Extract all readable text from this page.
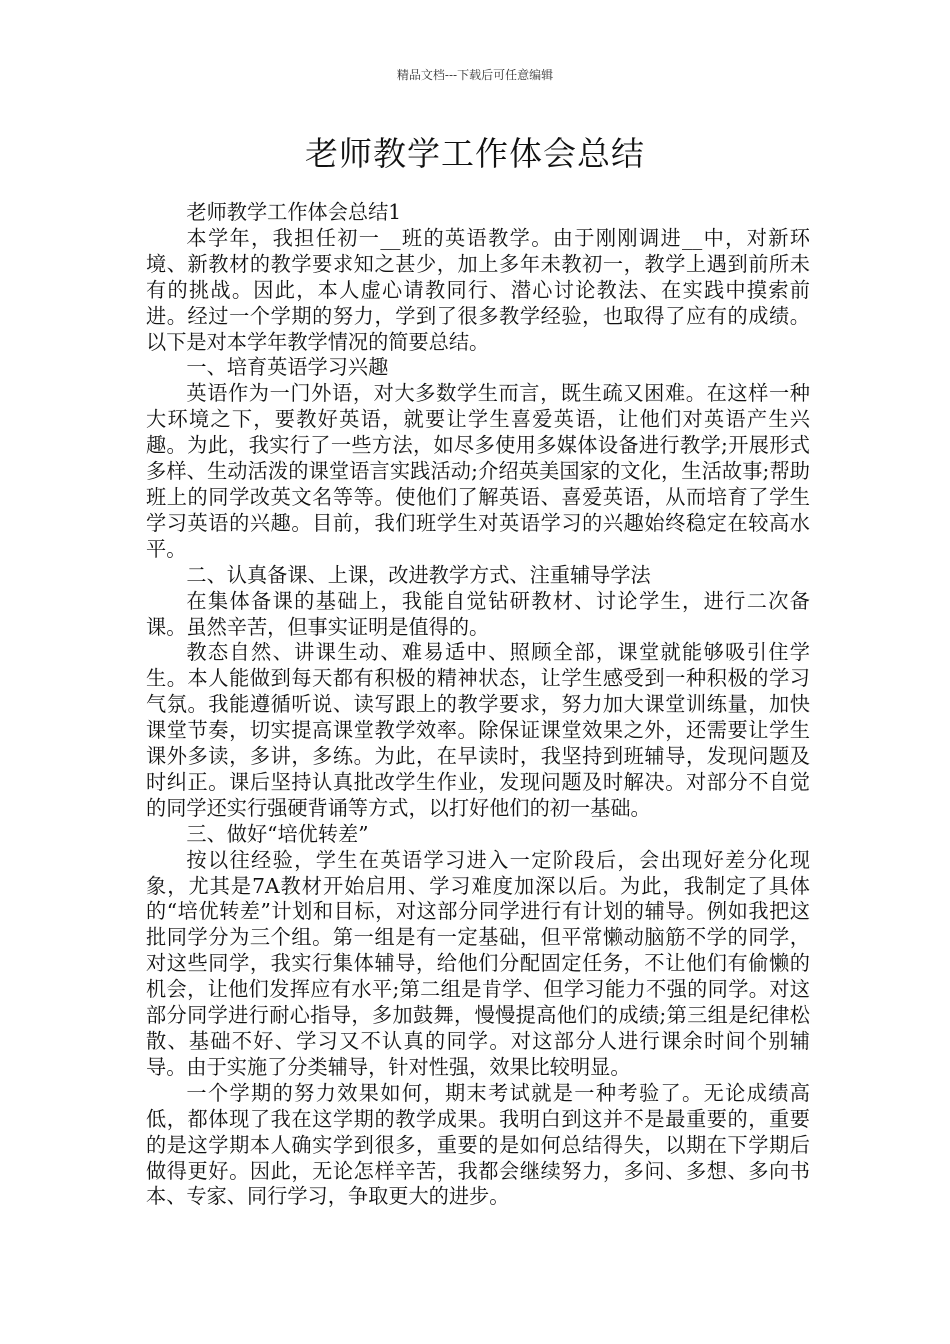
精品文档---下载后可任意编辑
老师教学工作体会总结

老师教学工作体会总结1

本学年，我担任初一__班的英语教学。由于刚刚调进__中，对新环境、新教材的教学要求知之甚少，加上多年未教初一，教学上遇到前所未有的挑战。因此，本人虚心请教同行、潜心讨论教法、在实践中摸索前进。经过一个学期的努力，学到了很多教学经验，也取得了应有的成绩。以下是对本学年教学情况的简要总结。

一、培育英语学习兴趣

英语作为一门外语，对大多数学生而言，既生疏又困难。在这样一种大环境之下，要教好英语，就要让学生喜爱英语，让他们对英语产生兴趣。为此，我实行了一些方法，如尽多使用多媒体设备进行教学;开展形式多样、生动活泼的课堂语言实践活动;介绍英美国家的文化，生活故事;帮助班上的同学改英文名等等。使他们了解英语、喜爱英语，从而培育了学生学习英语的兴趣。目前，我们班学生对英语学习的兴趣始终稳定在较高水平。

二、认真备课、上课，改进教学方式、注重辅导学法

在集体备课的基础上，我能自觉钻研教材、讨论学生，进行二次备课。虽然辛苦，但事实证明是值得的。

教态自然、讲课生动、难易适中、照顾全部，课堂就能够吸引住学生。本人能做到每天都有积极的精神状态，让学生感受到一种积极的学习气氛。我能遵循听说、读写跟上的教学要求，努力加大课堂训练量，加快课堂节奏，切实提高课堂教学效率。除保证课堂效果之外，还需要让学生课外多读，多讲，多练。为此，在早读时，我坚持到班辅导，发现问题及时纠正。课后坚持认真批改学生作业，发现问题及时解决。对部分不自觉的同学还实行强硬背诵等方式，以打好他们的初一基础。

三、做好“培优转差”

按以往经验，学生在英语学习进入一定阶段后，会出现好差分化现象，尤其是7A教材开始启用、学习难度加深以后。为此，我制定了具体的“培优转差”计划和目标，对这部分同学进行有计划的辅导。例如我把这批同学分为三个组。第一组是有一定基础，但平常懒动脑筋不学的同学，对这些同学，我实行集体辅导，给他们分配固定任务，不让他们有偷懒的机会，让他们发挥应有水平;第二组是肯学、但学习能力不强的同学。对这部分同学进行耐心指导，多加鼓舞，慢慢提高他们的成绩;第三组是纪律松散、基础不好、学习又不认真的同学。对这部分人进行课余时间个别辅导。由于实施了分类辅导，针对性强，效果比较明显。

一个学期的努力效果如何，期末考试就是一种考验了。无论成绩高低，都体现了我在这学期的教学成果。我明白到这并不是最重要的，重要的是这学期本人确实学到很多，重要的是如何总结得失，以期在下学期后做得更好。因此，无论怎样辛苦，我都会继续努力，多问、多想、多向书本、专家、同行学习，争取更大的进步。
